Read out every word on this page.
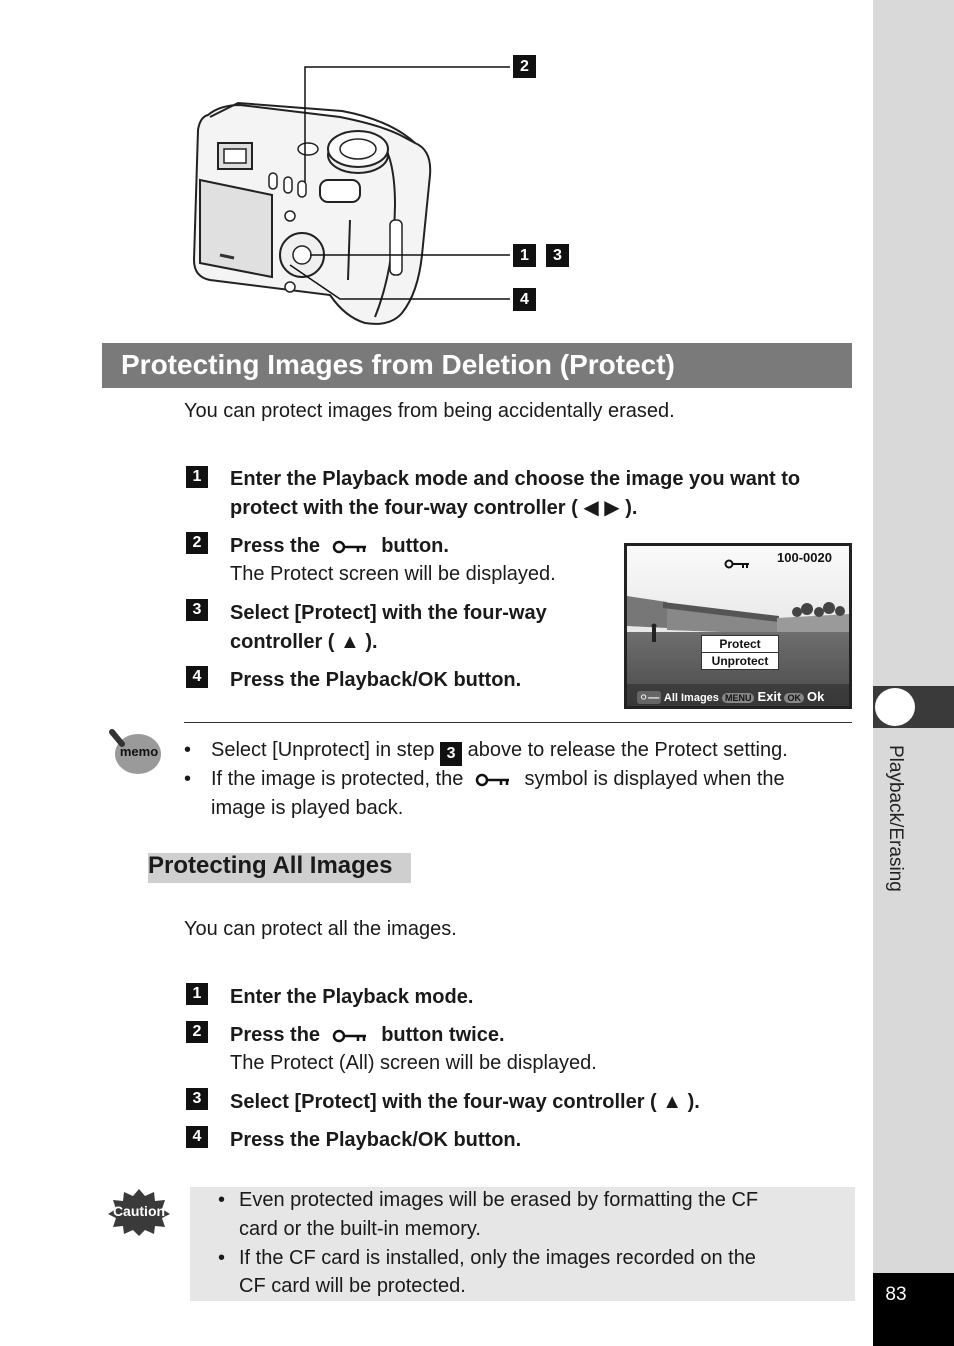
Playback/Erasing
83
2
1	3
4
Protecting Images from Deletion (Protect)
You can protect images from being accidentally erased.
1	Enter the Playback mode and choose the image you want to protect with the four-way controller ( ◀ ▶ ).
2	Press the	button.
The Protect screen will be displayed.
3	Select [Protect] with the four-way controller ( ▲ ).
4	Press the Playback/OK button.
100-0020
Protect
Unprotect
⚪― All Images MENU Exit OK Ok
memo • Select [Unprotect] in step 3 above to release the Protect setting.
• If the image is protected, the	symbol is displayed when the
image is played back.
Protecting All Images
You can protect all the images.
1	Enter the Playback mode.
2	Press the	button twice.
The Protect (All) screen will be displayed.
3	Select [Protect] with the four-way controller ( ▲ ).
4	Press the Playback/OK button.
Caution	• Even protected images will be erased by formatting the CF
card or the built-in memory.
• If the CF card is installed, only the images recorded on the
CF card will be protected.
